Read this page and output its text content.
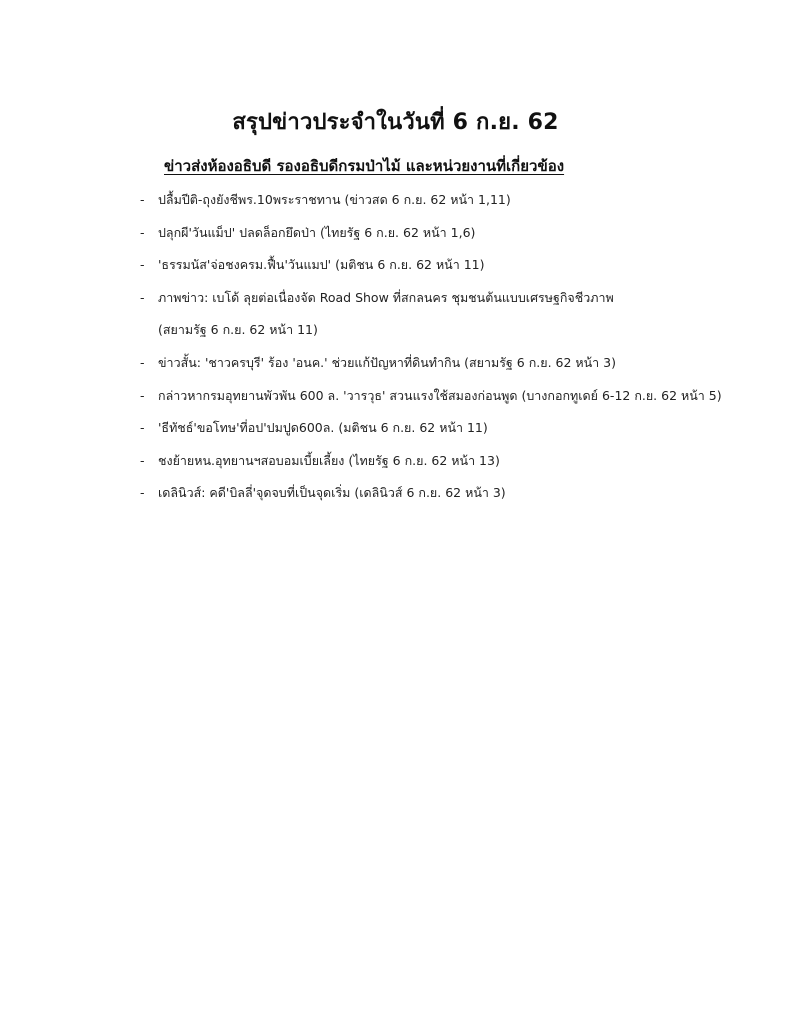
สรุปข่าวประจำในวันที่ 6 ก.ย. 62
ข่าวส่งห้องอธิบดี รองอธิบดีกรมป่าไม้ และหน่วยงานที่เกี่ยวข้อง
-	ปลื้มปีติ-ถุงยังชีพร.10พระราชทาน (ข่าวสด 6 ก.ย. 62 หน้า 1,11)
-	ปลุกผี'วันแม็ป' ปลดล็อกยึดป่า (ไทยรัฐ 6 ก.ย. 62 หน้า 1,6)
-	'ธรรมนัส'จ่อชงครม.ฟื้น'วันแมป' (มติชน 6 ก.ย. 62 หน้า 11)
-	ภาพข่าว: เบโด้ ลุยต่อเนื่องจัด Road Show ที่สกลนคร ชุมชนต้นแบบเศรษฐกิจชีวภาพ
(สยามรัฐ 6 ก.ย. 62 หน้า 11)
-	ข่าวสั้น: 'ชาวครบุรี' ร้อง 'อนค.' ช่วยแก้ปัญหาที่ดินทำกิน (สยามรัฐ 6 ก.ย. 62 หน้า 3)
-	กล่าวหากรมอุทยานพัวพัน 600 ล. 'วารวุธ' สวนแรงใช้สมองก่อนพูด (บางกอกทูเดย์ 6-12 ก.ย. 62 หน้า 5)
-	'ธีทัชธ์'ขอโทษ'ที่อป'ปมปูด600ล. (มติชน 6 ก.ย. 62 หน้า 11)
-	ชงย้ายหน.อุทยานฯสอบอมเบี้ยเลี้ยง (ไทยรัฐ 6 ก.ย. 62 หน้า 13)
-	เดลินิวส์: คดี'บิลลี่'จุดจบที่เป็นจุดเริ่ม (เดลินิวส์ 6 ก.ย. 62 หน้า 3)
